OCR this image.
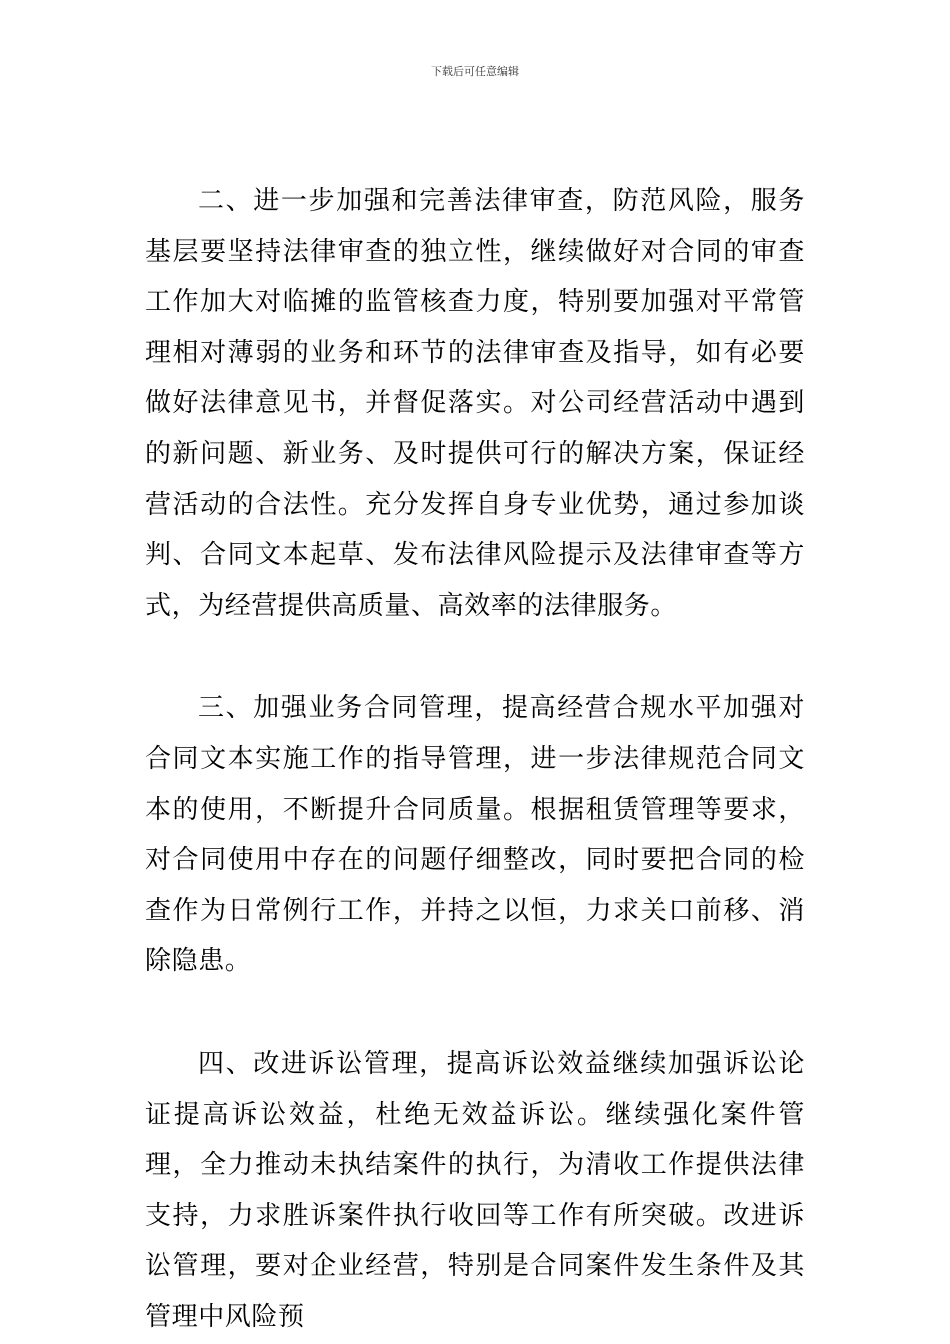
下载后可任意编辑

二、进一步加强和完善法律审查，防范风险，服务基层要坚持法律审查的独立性，继续做好对合同的审查工作加大对临摊的监管核查力度，特别要加强对平常管理相对薄弱的业务和环节的法律审查及指导，如有必要做好法律意见书，并督促落实。对公司经营活动中遇到的新问题、新业务、及时提供可行的解决方案，保证经营活动的合法性。充分发挥自身专业优势，通过参加谈判、合同文本起草、发布法律风险提示及法律审查等方式，为经营提供高质量、高效率的法律服务。

三、加强业务合同管理，提高经营合规水平加强对合同文本实施工作的指导管理，进一步法律规范合同文本的使用，不断提升合同质量。根据租赁管理等要求，对合同使用中存在的问题仔细整改，同时要把合同的检查作为日常例行工作，并持之以恒，力求关口前移、消除隐患。

四、改进诉讼管理，提高诉讼效益继续加强诉讼论证提高诉讼效益，杜绝无效益诉讼。继续强化案件管理，全力推动未执结案件的执行，为清收工作提供法律支持，力求胜诉案件执行收回等工作有所突破。改进诉讼管理，要对企业经营，特别是合同案件发生条件及其管理中风险预
